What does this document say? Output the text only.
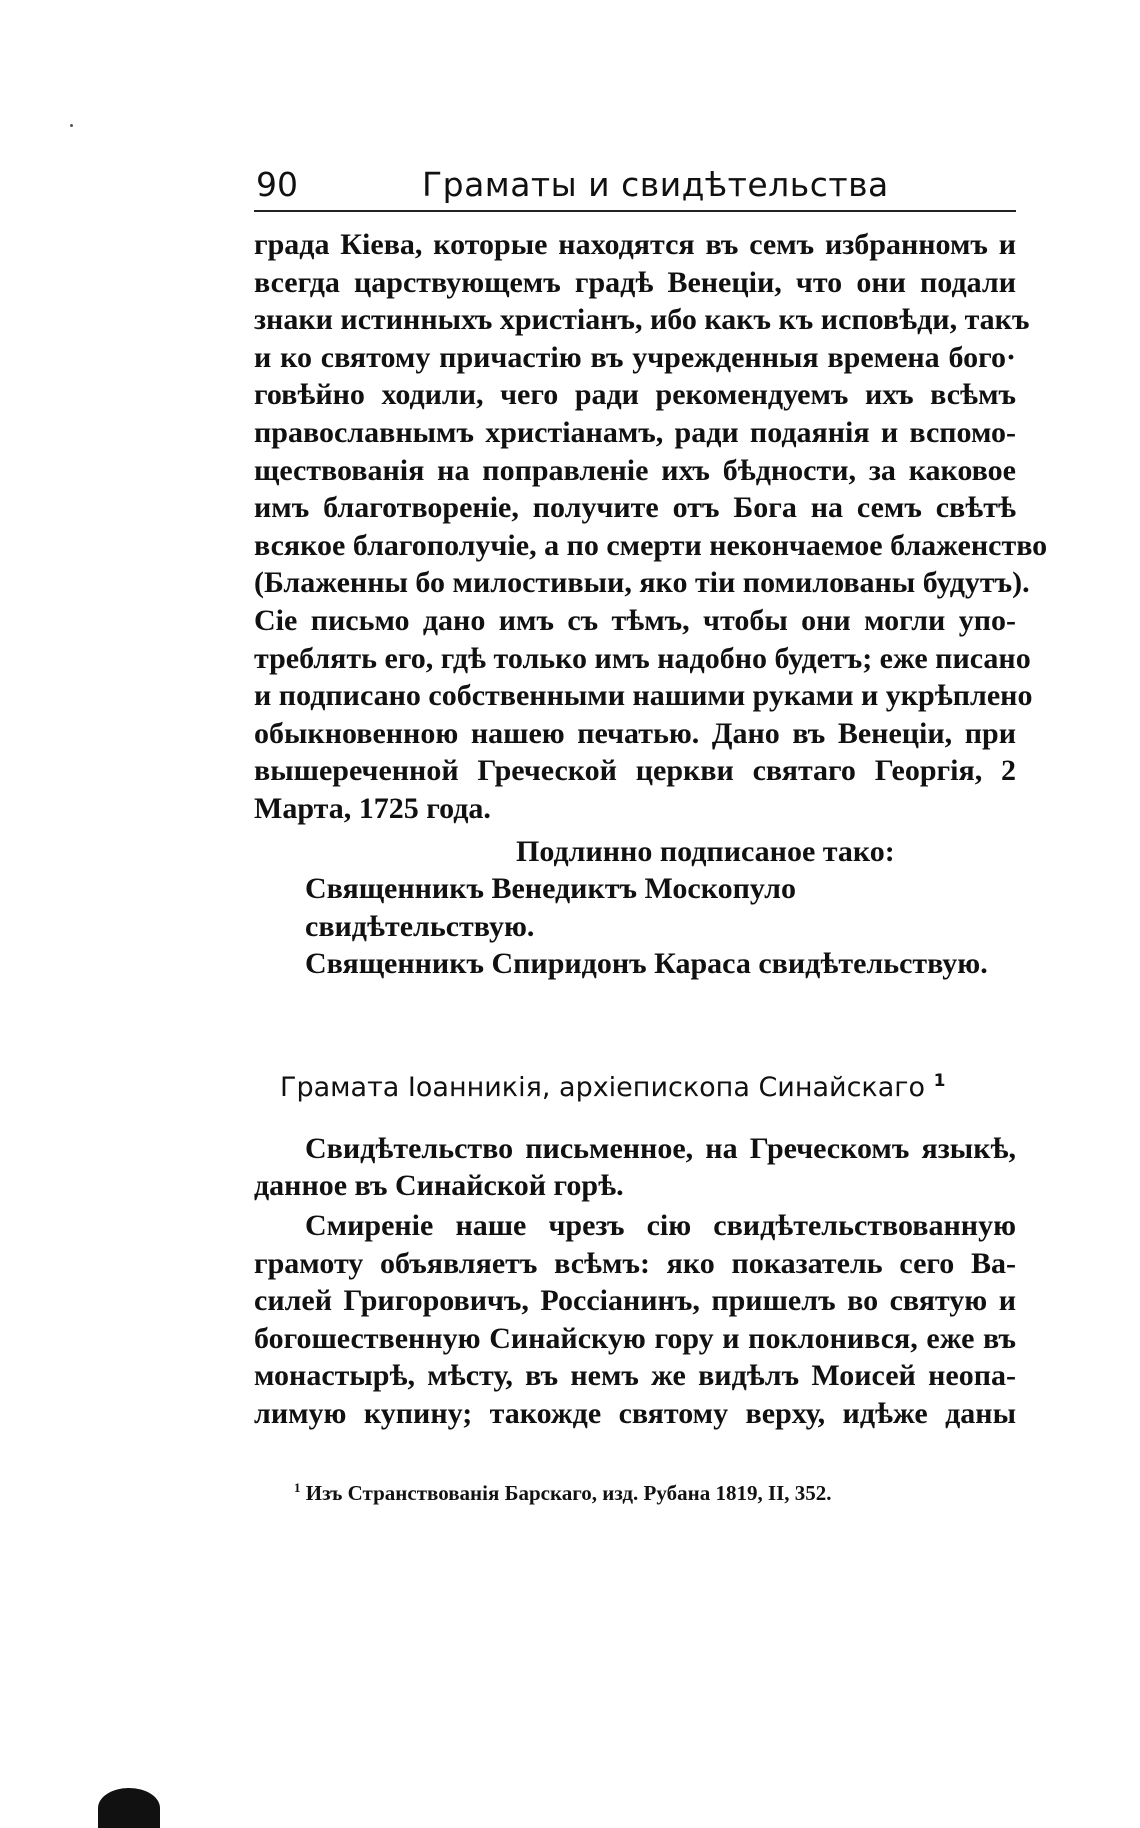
90	Граматы и свидѣтельства

града Кіева, которые находятся въ семъ избранномъ и
всегда царствующемъ градѣ Венеціи, что они подали
знаки истинныхъ христіанъ, ибо какъ къ исповѣди, такъ
и ко святому причастію въ учрежденныя времена бого·
говѣйно ходили, чего ради рекомендуемъ ихъ всѣмъ
православнымъ христіанамъ, ради подаянія и вспомо-
ществованія на поправленіе ихъ бѣдности, за каковое
имъ благотвореніе, получите отъ Бога на семъ свѣтѣ
всякое благополучіе, а по смерти некончаемое блаженство
(Блаженны бо милостивыи, яко тіи помилованы будутъ).
Сіе письмо дано имъ съ тѣмъ, чтобы они могли упо-
треблять его, гдѣ только имъ надобно будетъ; еже писано
и подписано собственными нашими руками и укрѣплено
обыкновенною нашею печатью. Дано въ Венеціи, при
вышереченной Греческой церкви святаго Георгія, 2
Марта, 1725 года.

Подлинно подписаное тако:
Священникъ Венедиктъ Москопуло свидѣтельствую.
Священникъ Спиридонъ Караса свидѣтельствую.
Грамата Іоанникія, архіепископа Синайскаго $^1$

Свидѣтельство письменное, на Греческомъ языкѣ,
данное въ Синайской горѣ.

Смиреніе наше чрезъ сію свидѣтельствованную
грамоту объявляетъ всѣмъ: яко показатель сего Ва-
силей Григоровичъ, Россіанинъ, пришелъ во святую и
богошественную Синайскую гору и поклонився, еже въ
монастырѣ, мѣсту, въ немъ же видѣлъ Моисей неопа-
лимую купину; такожде святому верху, идѣже даны

$^1$ Изъ Странствованія Барскаго, изд. Рубана 1819, II, 352.
